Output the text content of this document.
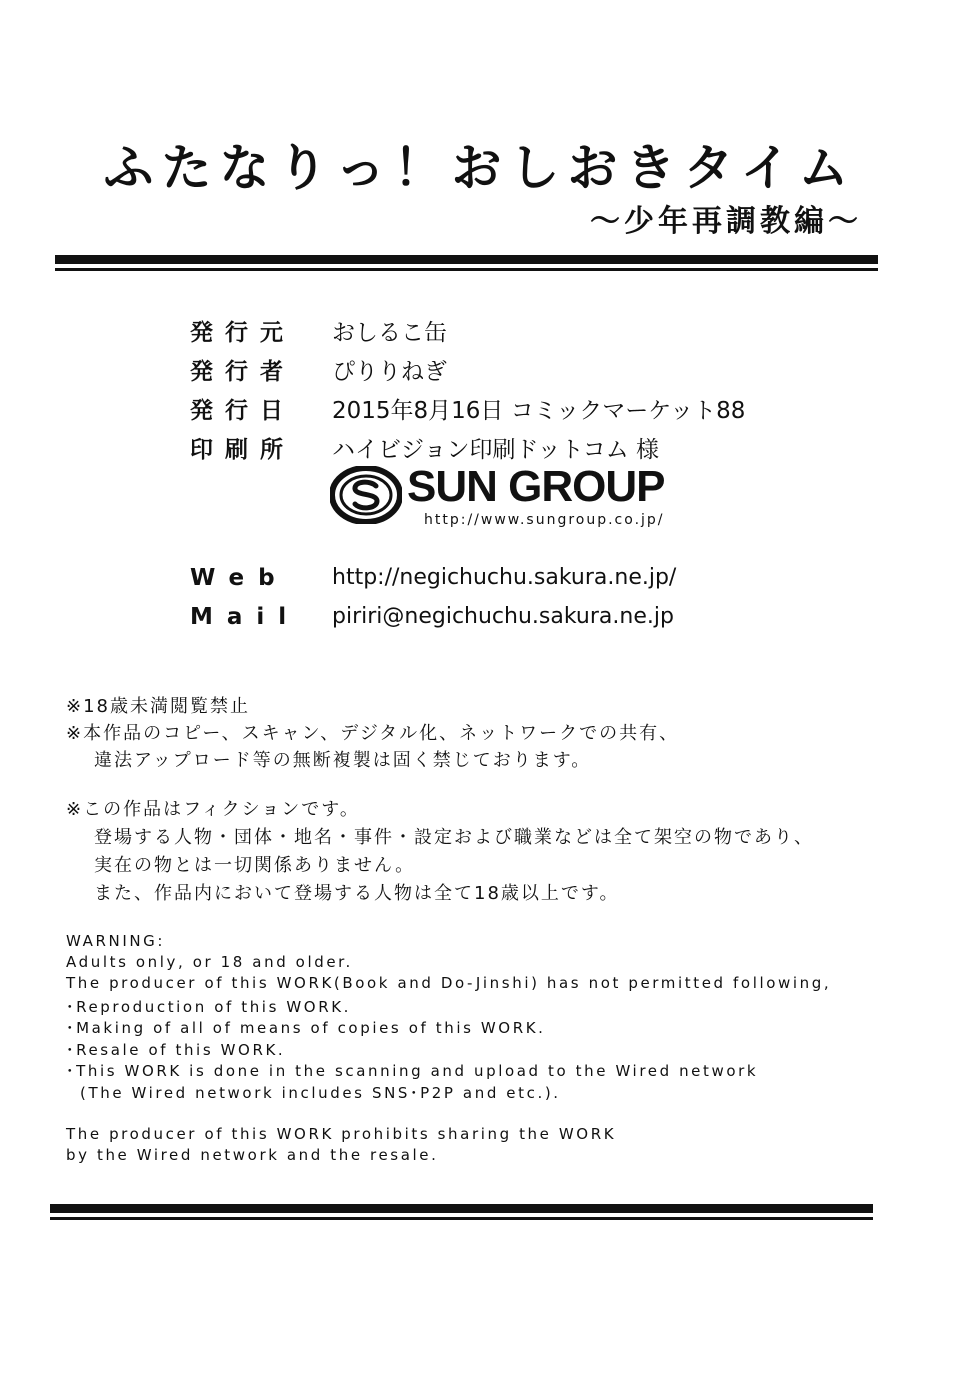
ふたなりっ！おしおきタイム
～少年再調教編～
発行元 おしるこ缶
発行者 ぴりりねぎ
発行日 2015年8月16日 コミックマーケット88
印刷所 ハイビジョン印刷ドットコム 様
SUN GROUP
http://www.sungroup.co.jp/
Web http://negichuchu.sakura.ne.jp/
Mail piriri@negichuchu.sakura.ne.jp
※18歳未満閲覧禁止
※本作品のコピー、スキャン、デジタル化、ネットワークでの共有、
違法アップロード等の無断複製は固く禁じております。
※この作品はフィクションです。
登場する人物・団体・地名・事件・設定および職業などは全て架空の物であり、
実在の物とは一切関係ありません。
また、作品内において登場する人物は全て18歳以上です。
WARNING:
Adults only, or 18 and older.
The producer of this WORK(Book and Do-Jinshi) has not permitted following,
･Reproduction of this WORK.
･Making of all of means of copies of this WORK.
･Resale of this WORK.
･This WORK is done in the scanning and upload to the Wired network
(The Wired network includes SNS･P2P and etc.).
The producer of this WORK prohibits sharing the WORK
by the Wired network and the resale.
